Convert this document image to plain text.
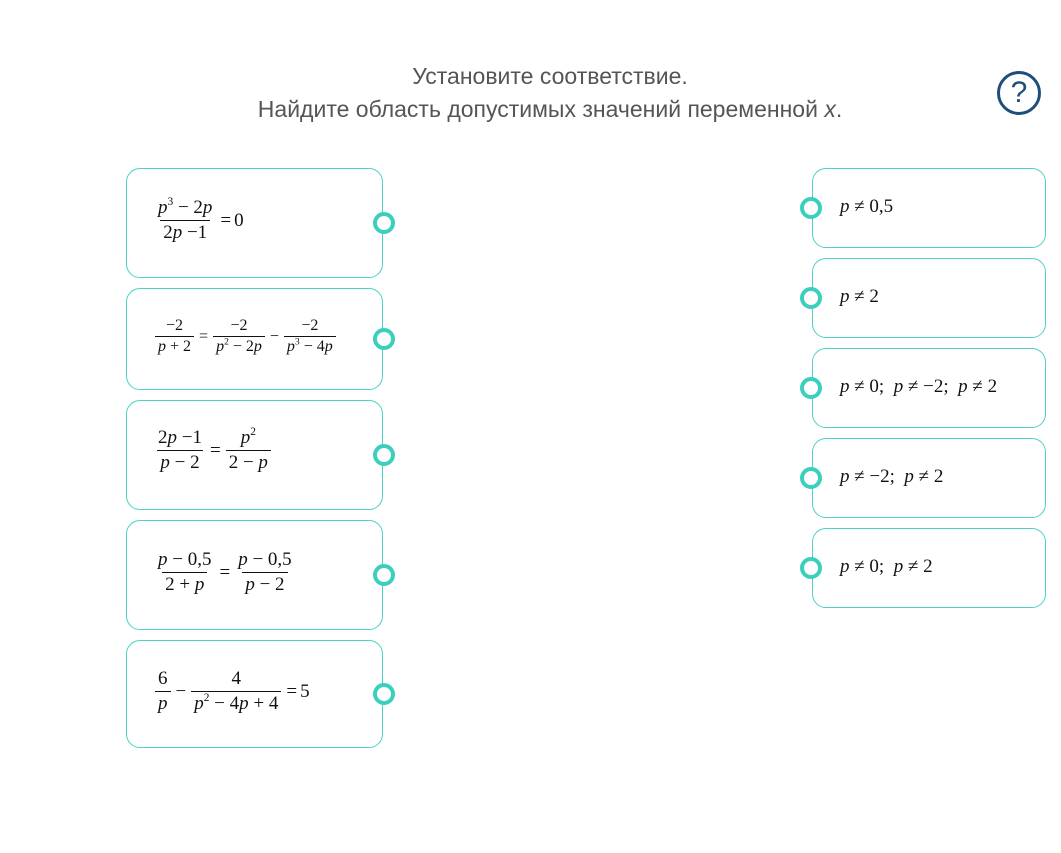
Установите соответствие.
Найдите область допустимых значений переменной x.	?
$\frac{p^3 - 2p}{2p -1} = 0$
$\frac{-2}{p + 2} = \frac{-2}{p^2 - 2p} - \frac{-2}{p^3 - 4p}$
$\frac{2p -1}{p - 2} = \frac{p^2}{2 - p}$
$\frac{p - 0,5}{2 + p} = \frac{p - 0,5}{p - 2}$
$\frac{6}{p} - \frac{4}{p^2 - 4p + 4} = 5$
p ≠ 0,5
p ≠ 2
p ≠ 0;  p ≠ −2;  p ≠ 2
p ≠ −2;  p ≠ 2
p ≠ 0;  p ≠ 2
